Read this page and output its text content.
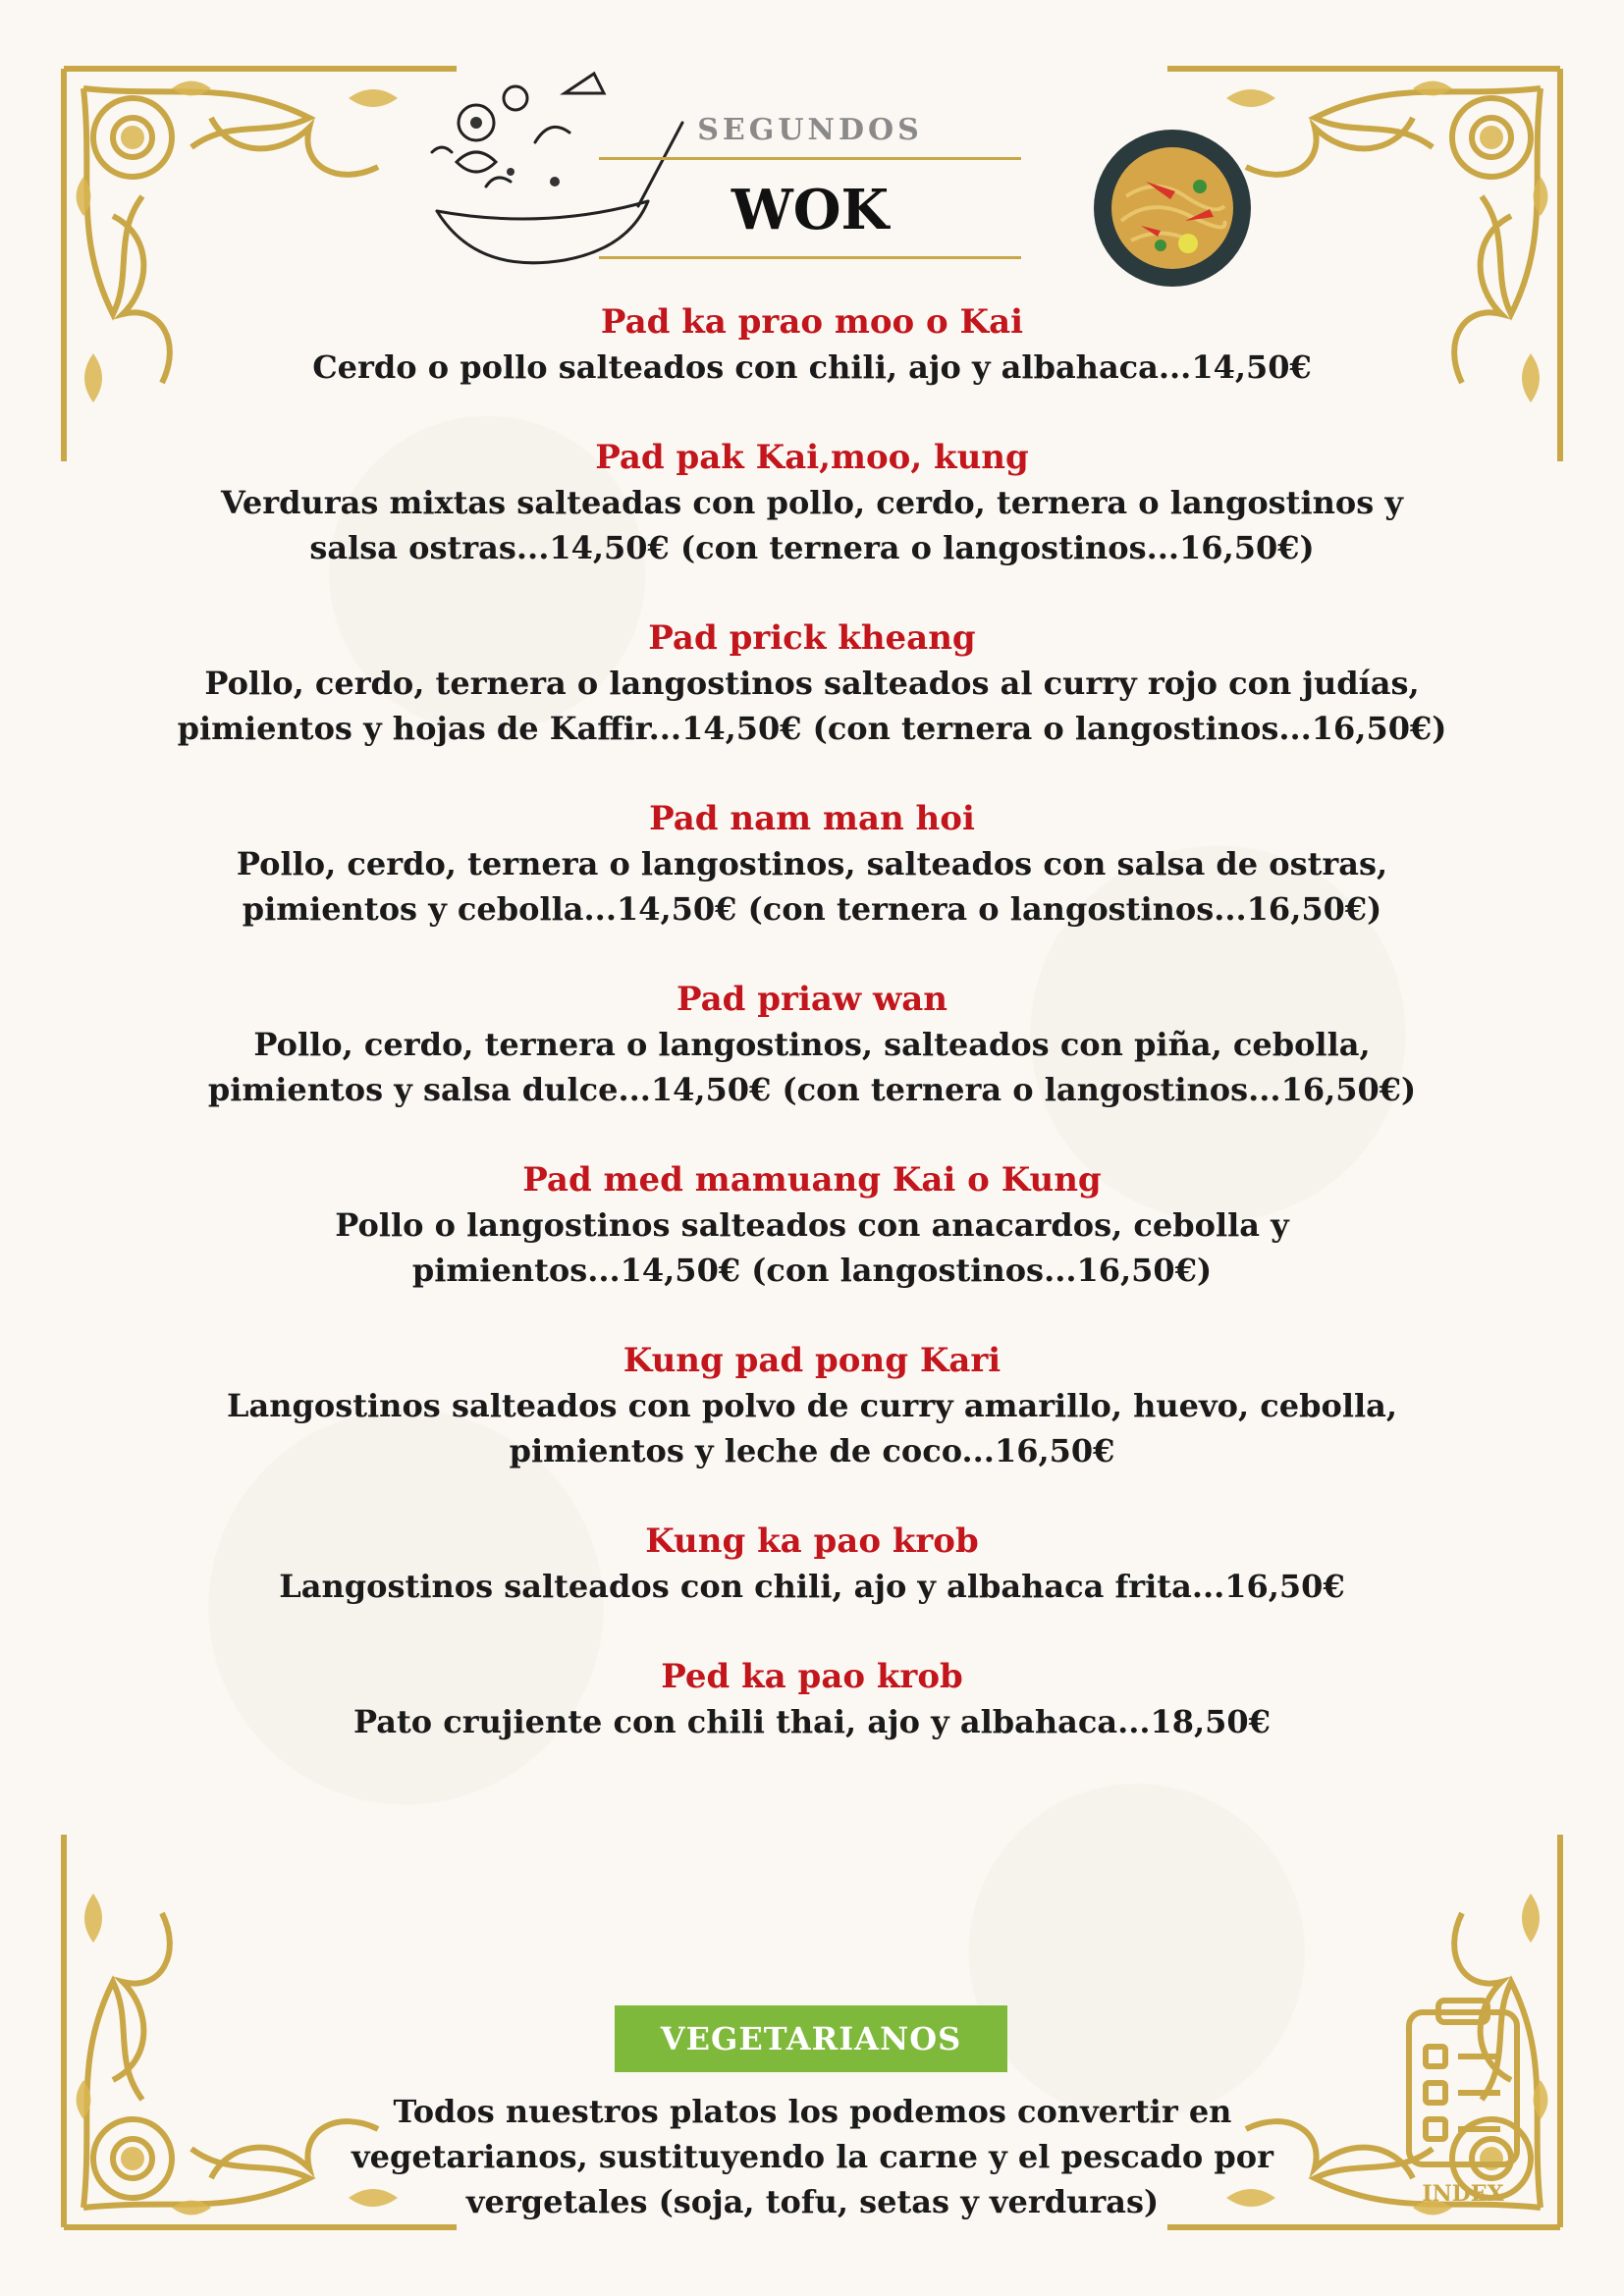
SEGUNDOS
WOK
Pad ka prao moo o Kai
Cerdo o pollo salteados con chili, ajo y albahaca...14,50€
Pad pak Kai,moo, kung
Verduras mixtas salteadas con pollo, cerdo, ternera o langostinos y salsa ostras...14,50€ (con ternera o langostinos...16,50€)
Pad prick kheang
Pollo, cerdo, ternera o langostinos salteados al curry rojo con judías, pimientos y hojas de Kaffir...14,50€ (con ternera o langostinos...16,50€)
Pad nam man hoi
Pollo, cerdo, ternera o langostinos, salteados con salsa de ostras, pimientos y cebolla...14,50€ (con ternera o langostinos...16,50€)
Pad priaw wan
Pollo, cerdo, ternera o langostinos, salteados con piña, cebolla, pimientos y salsa dulce...14,50€ (con ternera o langostinos...16,50€)
Pad med mamuang Kai o Kung
Pollo o langostinos salteados con anacardos, cebolla y pimientos...14,50€ (con langostinos...16,50€)
Kung pad pong Kari
Langostinos salteados con polvo de curry amarillo, huevo, cebolla, pimientos y leche de coco...16,50€
Kung ka pao krob
Langostinos salteados con chili, ajo y albahaca frita...16,50€
Ped ka pao krob
Pato crujiente con chili thai, ajo y albahaca...18,50€
VEGETARIANOS
Todos nuestros platos los podemos convertir en vegetarianos, sustituyendo la carne y el pescado por vergetales (soja, tofu, setas y verduras)	INDEX
